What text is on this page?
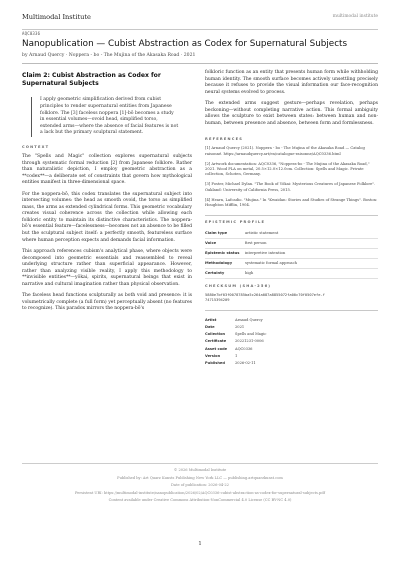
Multimodal Institute	multimodal institute
AQC0336
Nanopublication — Cubist Abstraction as Codex for Supernatural Subjects
by Arnaud Quercy · Noppera - bo - The Mujina of the Akasaka Road · 2021
Claim 2: Cubist Abstraction as Codex for Supernatural Subjects
I apply geometric simplification derived from cubist principles to render supernatural entities from Japanese folklore. The [3] faceless noppera [1]-bō becomes a study in essential volumes—ovoid head, simplified torso, extended arms—where the absence of facial features is not a lack but the primary sculptural statement.
CONTEXT

The "Spells and Magic" collection explores supernatural subjects through systematic formal reduction [2] from Japanese folklore. Rather than naturalistic depiction, I employ geometric abstraction as a **codex**—a deliberate set of constraints that govern how mythological entities manifest in three-dimensional space.

For the noppera-bō, this codex translates the supernatural subject into intersecting volumes: the head as smooth ovoid, the torso as simplified mass, the arms as extended cylindrical forms. This geometric vocabulary creates visual coherence across the collection while allowing each folkloric entity to maintain its distinctive characteristics. The noppera-bō's essential feature—facelessness—becomes not an absence to be filled but the sculptural subject itself: a perfectly smooth, featureless surface where human perception expects and demands facial information.

This approach references cubism's analytical phase, where objects were decomposed into geometric essentials and reassembled to reveal underlying structure rather than superficial appearance. However, rather than analyzing visible reality, I apply this methodology to **invisible entities**—yōkai, spirits, supernatural beings that exist in narrative and cultural imagination rather than physical observation.

The faceless head functions sculpturally as both void and presence: it is volumetrically complete (a full form) yet perceptually absent (no features to recognize). This paradox mirrors the noppera-bō's

folkloric function as an entity that presents human form while withholding human identity. The smooth surface becomes actively unsettling precisely because it refuses to provide the visual information our face-recognition neural systems evolved to process.

The extended arms suggest gesture—perhaps revelation, perhaps beckoning—without completing narrative action. This formal ambiguity allows the sculpture to exist between states: between human and non-human, between presence and absence, between form and formlessness.

REFERENCES

[1] Arnaud Quercy (2021). Noppera - bo - The Mujina of the Akasaka Road — Catalog raisonné. https://arnaudquercy.art/en/catalogue-raisonne/AQC0336.html

[2] Artwork documentation: AQC0336, "Noppera-bo - The Mujina of the Akasaka Road," 2021. Wood PLA on metal, 20.5×12.0×12.0cm. Collection: Spells and Magic. Private collection, Schoten, Germany.

[3] Foster, Michael Dylan. "The Book of Yōkai: Mysterious Creatures of Japanese Folklore". Oakland: University of California Press, 2015.

[4] Hearn, Lafcadio. "Mujina." In "Kwaidan: Stories and Studies of Strange Things". Boston: Houghton Mifflin, 1904.

EPISTEMIC PROFILE
Claim type	artistic statement
Voice	first person
Epistemic status	interpretive intention
Methodology	systematic formal approach
Certainty	high
CHECKSUM (SHA-256)
5880e7bf03f0078785ba5c264a087a8855072fa00c70f0507efe-f74715394209
Artist	Arnaud Quercy
Date	2021
Collection	Spells and Magic
Certificate	20221231-0006
Asset code	AQC0336
Version	1
Published	2026-02-11
© 2026 Multimodal Institute
Published by: Art Quarz Kunsts Publishing New York LLC — publishing.artquarzkunst.com
Date of publication: 2026-04-22
Persistent URI: https://multimodal-institute/nanopublication/2026/02/AQC0336-cubist-abstraction-as-codex-for-supernatural-subjects.pdf
Content available under Creative Commons Attribution-NonCommercial 4.0 License (CC BY-NC 4.0)
1
